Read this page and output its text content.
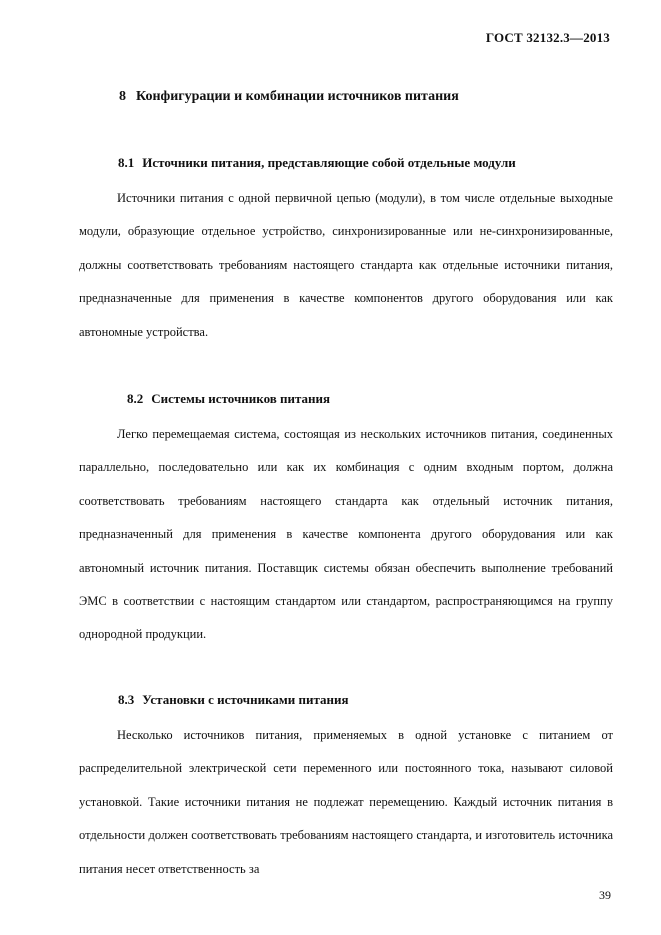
ГОСТ 32132.3—2013
8 Конфигурации и комбинации источников питания
8.1 Источники питания, представляющие собой отдельные модули

Источники питания с одной первичной цепью (модули), в том числе отдельные выходные модули, образующие отдельное устройство, синхронизированные или не-синхронизированные, должны соответствовать требованиям настоящего стандарта как отдельные источники питания, предназначенные для применения в качестве компонентов другого оборудования или как автономные устройства.

8.2 Системы источников питания

Легко перемещаемая система, состоящая из нескольких источников питания, соединенных параллельно, последовательно или как их комбинация с одним входным портом, должна соответствовать требованиям настоящего стандарта как отдельный источник питания, предназначенный для применения в качестве компонента другого оборудования или как автономный источник питания. Поставщик системы обязан обеспечить выполнение требований ЭМС в соответствии с настоящим стандартом или стандартом, распространяющимся на группу однородной продукции.

8.3 Установки с источниками питания

Несколько источников питания, применяемых в одной установке с питанием от распределительной электрической сети переменного или постоянного тока, называют силовой установкой. Такие источники питания не подлежат перемещению. Каждый источник питания в отдельности должен соответствовать требованиям настоящего стандарта, и изготовитель источника питания несет ответственность за

39
